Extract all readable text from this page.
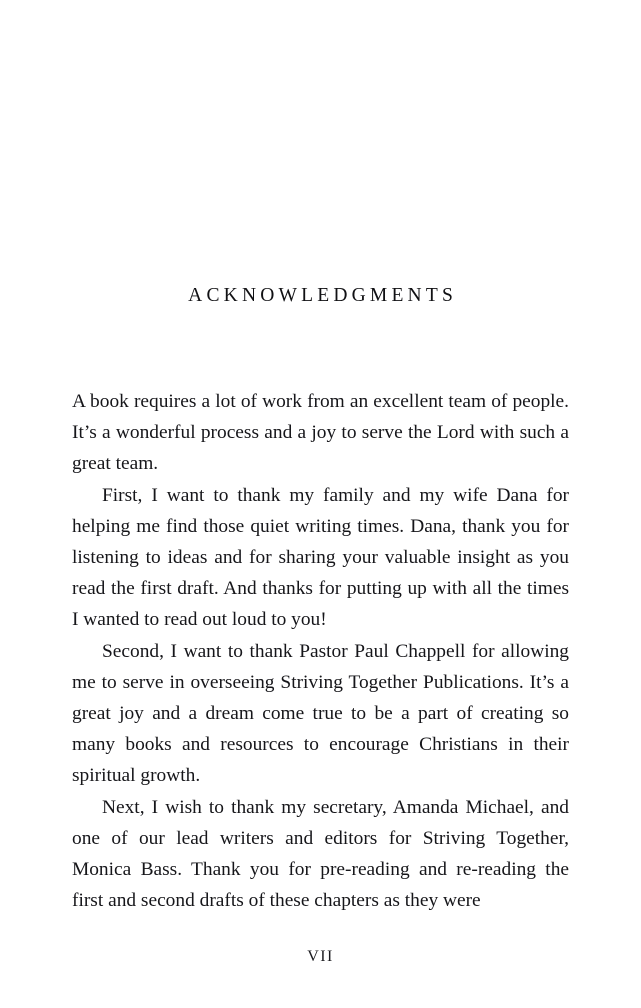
ACKNOWLEDGMENTS

A book requires a lot of work from an excellent team of people. It’s a wonderful process and a joy to serve the Lord with such a great team.

First, I want to thank my family and my wife Dana for helping me find those quiet writing times. Dana, thank you for listening to ideas and for sharing your valuable insight as you read the first draft. And thanks for putting up with all the times I wanted to read out loud to you!

Second, I want to thank Pastor Paul Chappell for allowing me to serve in overseeing Striving Together Publications. It’s a great joy and a dream come true to be a part of creating so many books and resources to encourage Christians in their spiritual growth.

Next, I wish to thank my secretary, Amanda Michael, and one of our lead writers and editors for Striving Together, Monica Bass. Thank you for pre-reading and re-reading the first and second drafts of these chapters as they were

VII
